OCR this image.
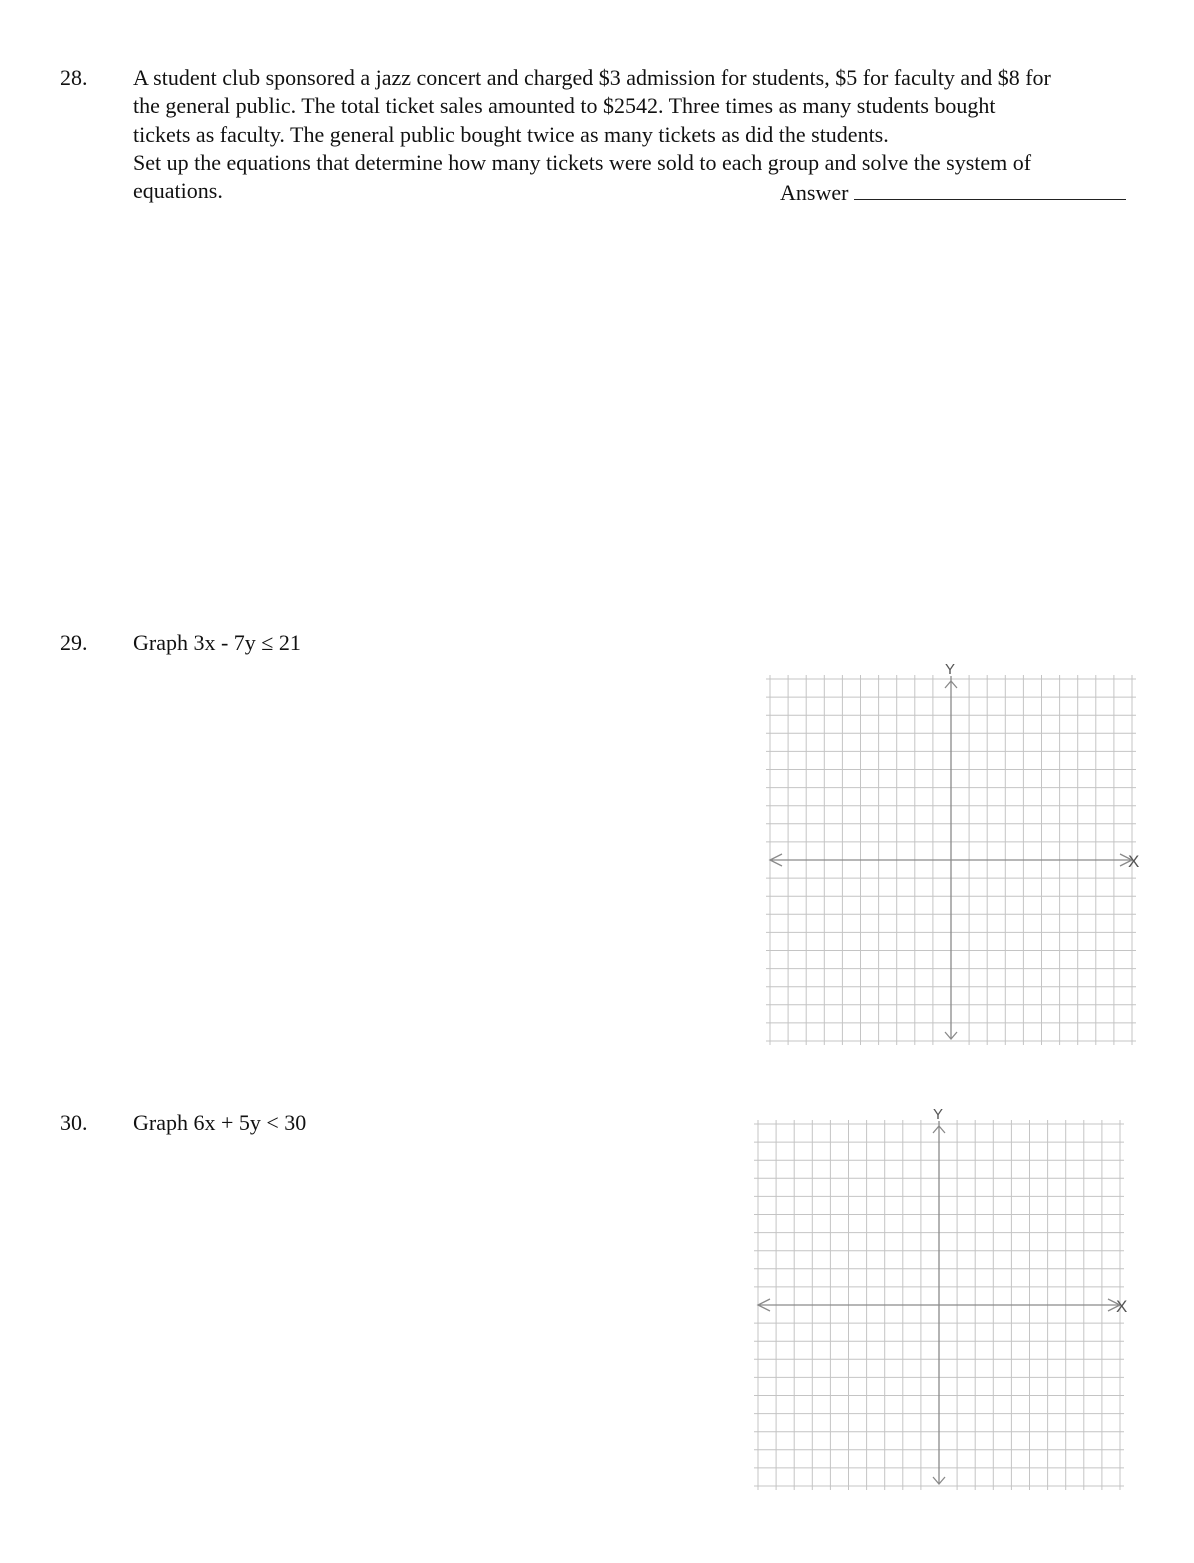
28. A student club sponsored a jazz concert and charged $3 admission for students, $5 for faculty and $8 for
the general public. The total ticket sales amounted to $2542. Three times as many students bought
tickets as faculty. The general public bought twice as many tickets as did the students.
Set up the equations that determine how many tickets were sold to each group and solve the system of
equations.	Answer
29. Graph 3x - 7y ≤ 21
Y
X
30. Graph 6x + 5y < 30	Y
X
